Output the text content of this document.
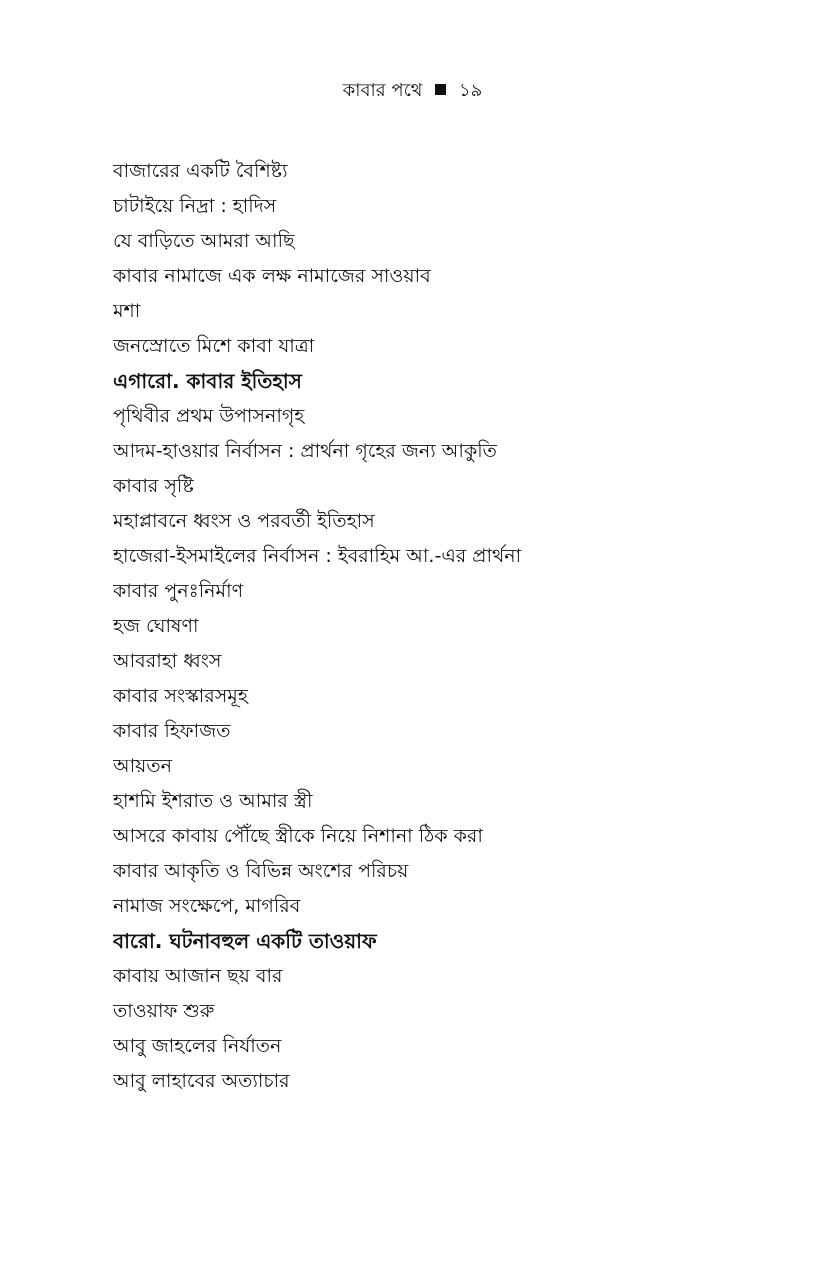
কাবার পথে ১৯
বাজারের একটি বৈশিষ্ট্য
চাটাইয়ে নিদ্রা : হাদিস
যে বাড়িতে আমরা আছি
কাবার নামাজে এক লক্ষ নামাজের সাওয়াব
মশা
জনস্রোতে মিশে কাবা যাত্রা
এগারো. কাবার ইতিহাস
পৃথিবীর প্রথম উপাসনাগৃহ
আদম-হাওয়ার নির্বাসন : প্রার্থনা গৃহের জন্য আকুতি
কাবার সৃষ্টি
মহাপ্লাবনে ধ্বংস ও পরবর্তী ইতিহাস
হাজেরা-ইসমাইলের নির্বাসন : ইবরাহিম আ.-এর প্রার্থনা
কাবার পুনঃনির্মাণ
হজ ঘোষণা
আবরাহা ধ্বংস
কাবার সংস্কারসমূহ
কাবার হিফাজত
আয়তন
হাশমি ইশরাত ও আমার স্ত্রী
আসরে কাবায় পৌঁছে স্ত্রীকে নিয়ে নিশানা ঠিক করা
কাবার আকৃতি ও বিভিন্ন অংশের পরিচয়
নামাজ সংক্ষেপে, মাগরিব
বারো. ঘটনাবহুল একটি তাওয়াফ
কাবায় আজান ছয় বার
তাওয়াফ শুরু
আবু জাহলের নির্যাতন
আবু লাহাবের অত্যাচার
